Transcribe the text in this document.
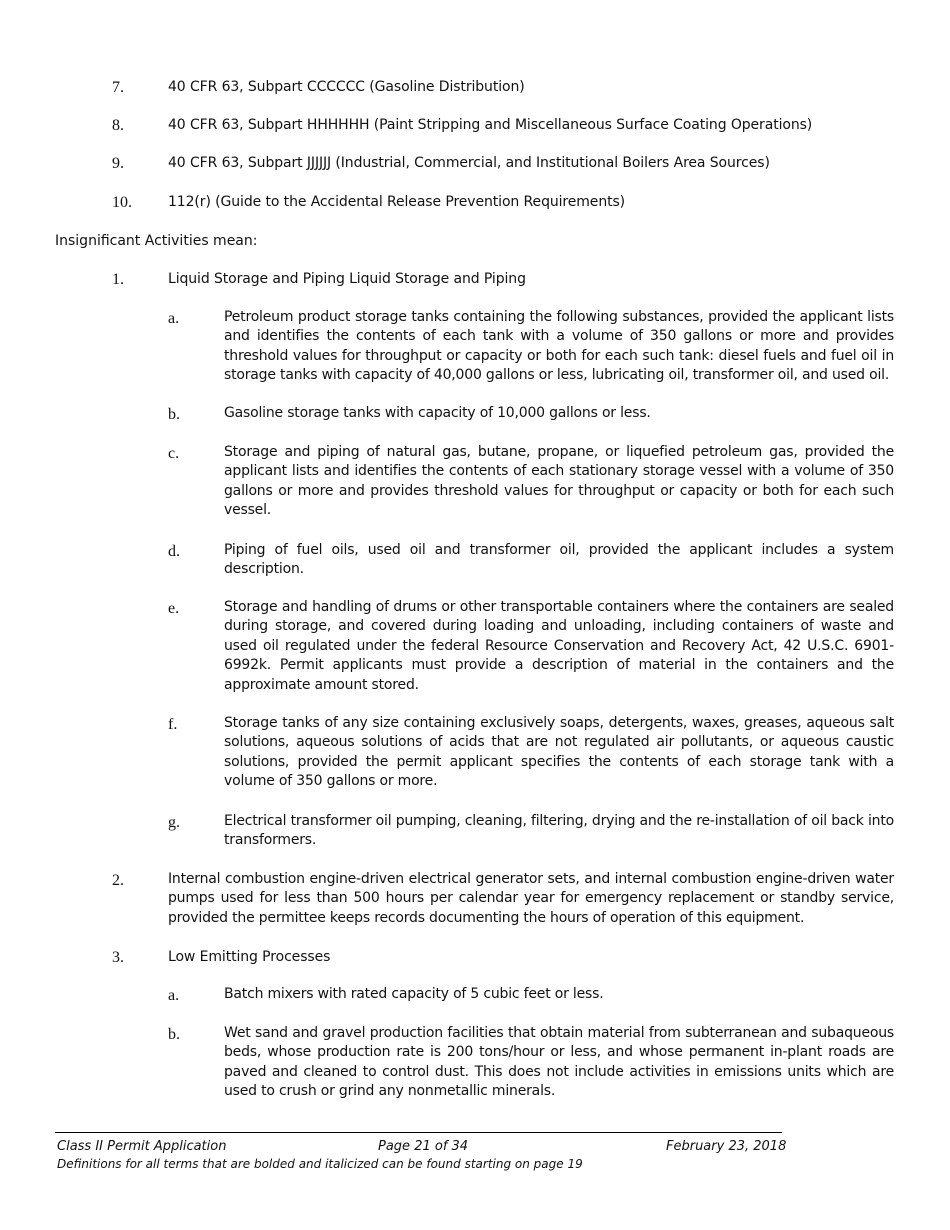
7.	40 CFR 63, Subpart CCCCCC (Gasoline Distribution)
8.	40 CFR 63, Subpart HHHHHH (Paint Stripping and Miscellaneous Surface Coating Operations)
9.	40 CFR 63, Subpart JJJJJJ (Industrial, Commercial, and Institutional Boilers Area Sources)
10.	112(r) (Guide to the Accidental Release Prevention Requirements)
Insignificant Activities mean:
1.	Liquid Storage and Piping Liquid Storage and Piping
a.	Petroleum product storage tanks containing the following substances, provided the applicant lists and identifies the contents of each tank with a volume of 350 gallons or more and provides threshold values for throughput or capacity or both for each such tank: diesel fuels and fuel oil in storage tanks with capacity of 40,000 gallons or less, lubricating oil, transformer oil, and used oil.
b.	Gasoline storage tanks with capacity of 10,000 gallons or less.
c.	Storage and piping of natural gas, butane, propane, or liquefied petroleum gas, provided the applicant lists and identifies the contents of each stationary storage vessel with a volume of 350 gallons or more and provides threshold values for throughput or capacity or both for each such vessel.
d.	Piping of fuel oils, used oil and transformer oil, provided the applicant includes a system description.
e.	Storage and handling of drums or other transportable containers where the containers are sealed during storage, and covered during loading and unloading, including containers of waste and used oil regulated under the federal Resource Conservation and Recovery Act, 42 U.S.C. 6901-6992k. Permit applicants must provide a description of material in the containers and the approximate amount stored.
f.	Storage tanks of any size containing exclusively soaps, detergents, waxes, greases, aqueous salt solutions, aqueous solutions of acids that are not regulated air pollutants, or aqueous caustic solutions, provided the permit applicant specifies the contents of each storage tank with a volume of 350 gallons or more.
g.	Electrical transformer oil pumping, cleaning, filtering, drying and the re-installation of oil back into transformers.
2.	Internal combustion engine-driven electrical generator sets, and internal combustion engine-driven water pumps used for less than 500 hours per calendar year for emergency replacement or standby service, provided the permittee keeps records documenting the hours of operation of this equipment.
3.	Low Emitting Processes
a.	Batch mixers with rated capacity of 5 cubic feet or less.
b.	Wet sand and gravel production facilities that obtain material from subterranean and subaqueous beds, whose production rate is 200 tons/hour or less, and whose permanent in-plant roads are paved and cleaned to control dust. This does not include activities in emissions units which are used to crush or grind any nonmetallic minerals.
Class II Permit Application	Page 21 of 34	February 23, 2018
Definitions for all terms that are bolded and italicized can be found starting on page 19
